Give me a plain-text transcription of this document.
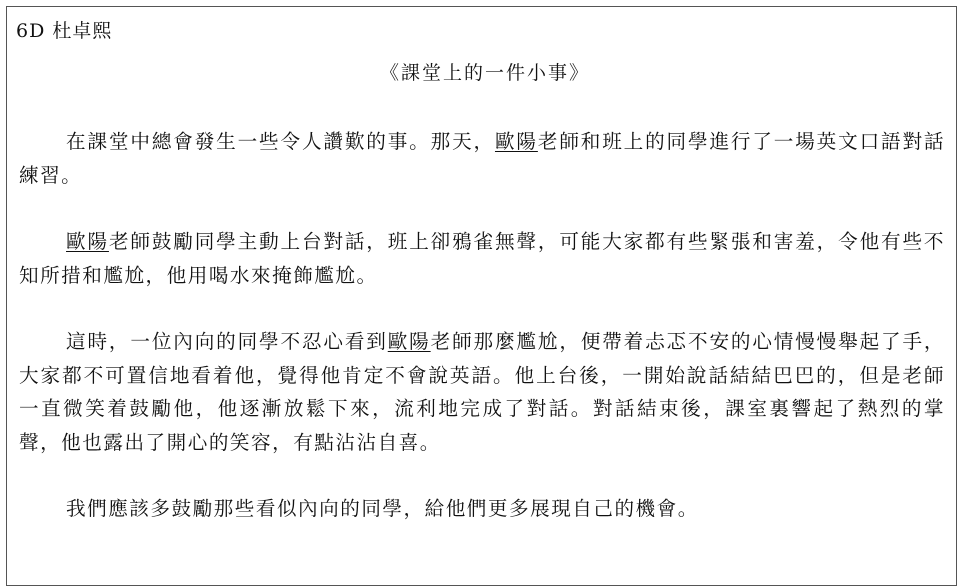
6D 杜卓熙
《課堂上的一件小事》

在課堂中總會發生一些令人讚歎的事。那天，歐陽老師和班上的同學進行了一場英文口語對話練習。

歐陽老師鼓勵同學主動上台對話，班上卻鴉雀無聲，可能大家都有些緊張和害羞，令他有些不知所措和尷尬，他用喝水來掩飾尷尬。

這時，一位內向的同學不忍心看到歐陽老師那麼尷尬，便帶着忐忑不安的心情慢慢舉起了手，大家都不可置信地看着他，覺得他肯定不會說英語。他上台後，一開始說話結結巴巴的，但是老師一直微笑着鼓勵他，他逐漸放鬆下來，流利地完成了對話。對話結束後，課室裏響起了熱烈的掌聲，他也露出了開心的笑容，有點沾沾自喜。

我們應該多鼓勵那些看似內向的同學，給他們更多展現自己的機會。
